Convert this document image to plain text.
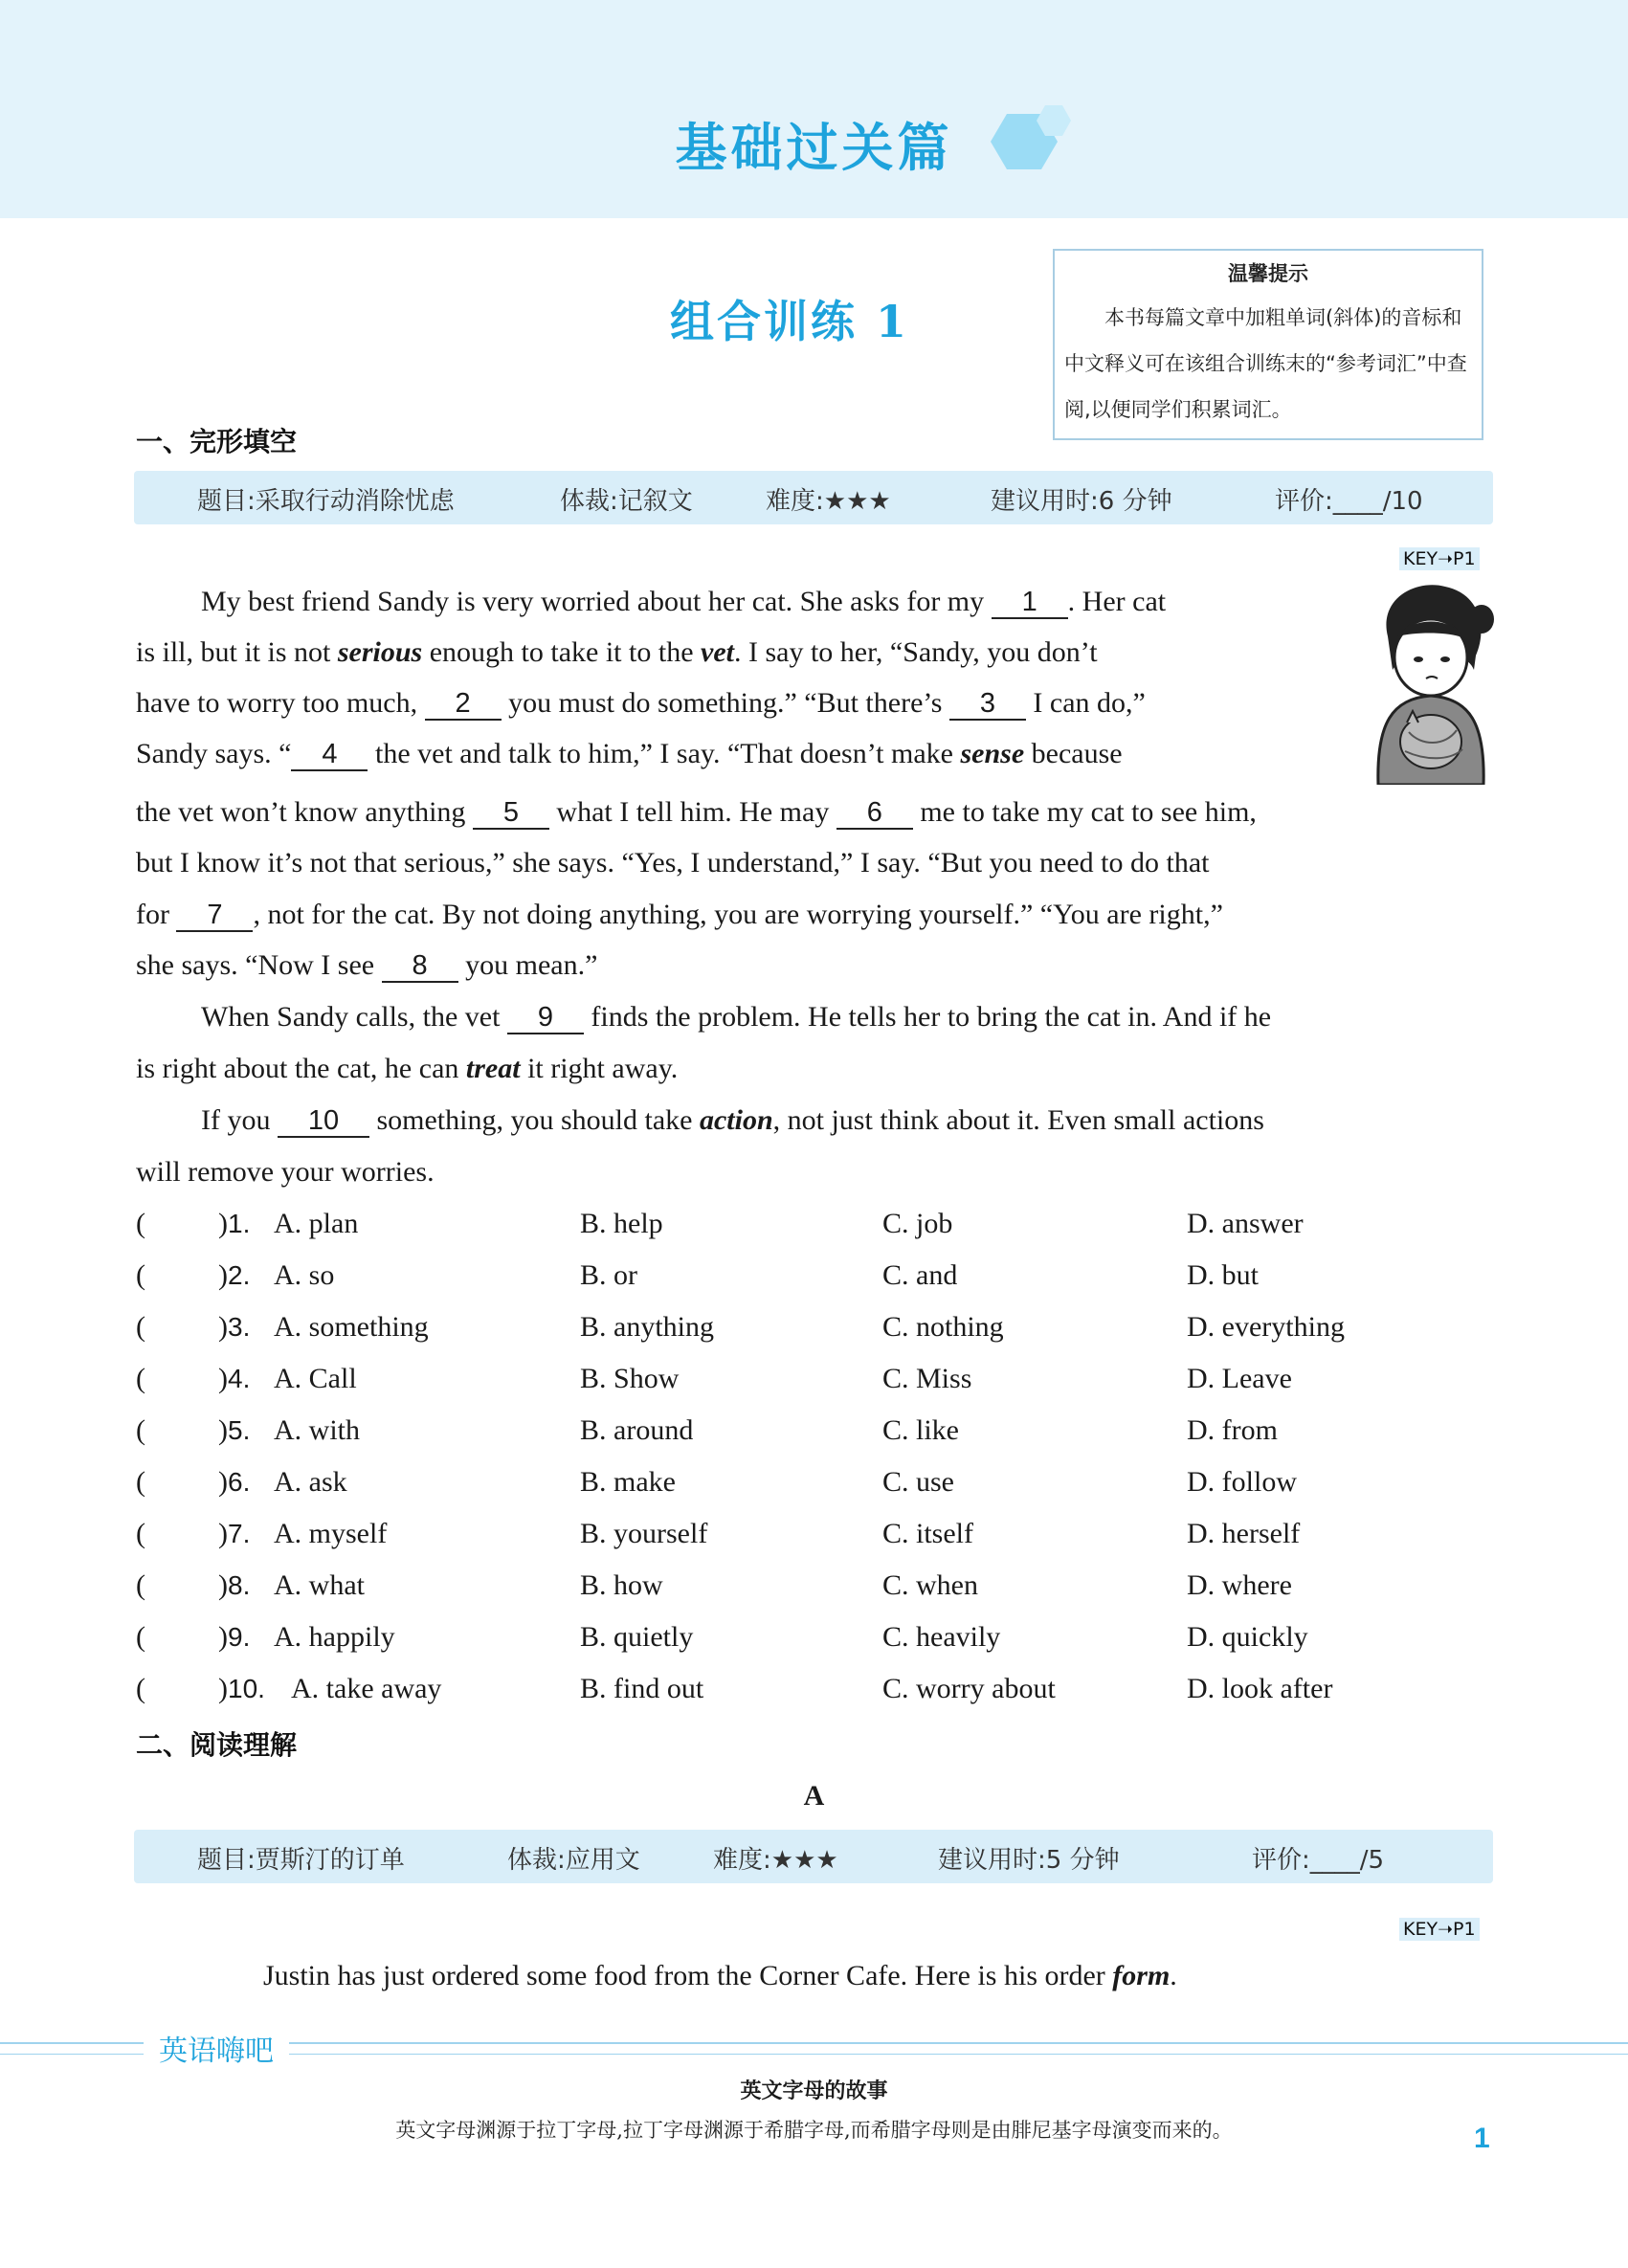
基础过关篇
组合训练 1
温馨提示
本书每篇文章中加粗单词(斜体)的音标和中文释义可在该组合训练末的“参考词汇”中查阅,以便同学们积累词汇。
一、完形填空
题目:采取行动消除忧虑	体裁:记叙文	难度:★★★	建议用时:6 分钟	评价:____/10
KEY➝P1
My best friend Sandy is very worried about her cat. She asks for my 1 . Her cat
is ill, but it is not serious enough to take it to the vet. I say to her, “Sandy, you don’t
have to worry too much, 2 you must do something.” “But there’s 3 I can do,”
Sandy says. “ 4 the vet and talk to him,” I say. “That doesn’t make sense because
the vet won’t know anything 5 what I tell him. He may 6 me to take my cat to see him,
but I know it’s not that serious,” she says. “Yes, I understand,” I say. “But you need to do that
for 7 , not for the cat. By not doing anything, you are worrying yourself.” “You are right,”
she says. “Now I see 8 you mean.”
When Sandy calls, the vet 9 finds the problem. He tells her to bring the cat in. And if he
is right about the cat, he can treat it right away.
If you 10 something, you should take action, not just think about it. Even small actions
will remove your worries.
(	)1. A. plan	B. help	C. job	D. answer
(	)2. A. so	B. or	C. and	D. but
(	)3. A. something	B. anything	C. nothing	D. everything
(	)4. A. Call	B. Show	C. Miss	D. Leave
(	)5. A. with	B. around	C. like	D. from
(	)6. A. ask	B. make	C. use	D. follow
(	)7. A. myself	B. yourself	C. itself	D. herself
(	)8. A. what	B. how	C. when	D. where
(	)9. A. happily	B. quietly	C. heavily	D. quickly
(	)10. A. take away	B. find out	C. worry about	D. look after
二、阅读理解
A
题目:贾斯汀的订单	体裁:应用文	难度:★★★	建议用时:5 分钟	评价:____/5
KEY➝P1
Justin has just ordered some food from the Corner Cafe. Here is his order form.
英语嗨吧
英文字母的故事
英文字母渊源于拉丁字母,拉丁字母渊源于希腊字母,而希腊字母则是由腓尼基字母演变而来的。	1
